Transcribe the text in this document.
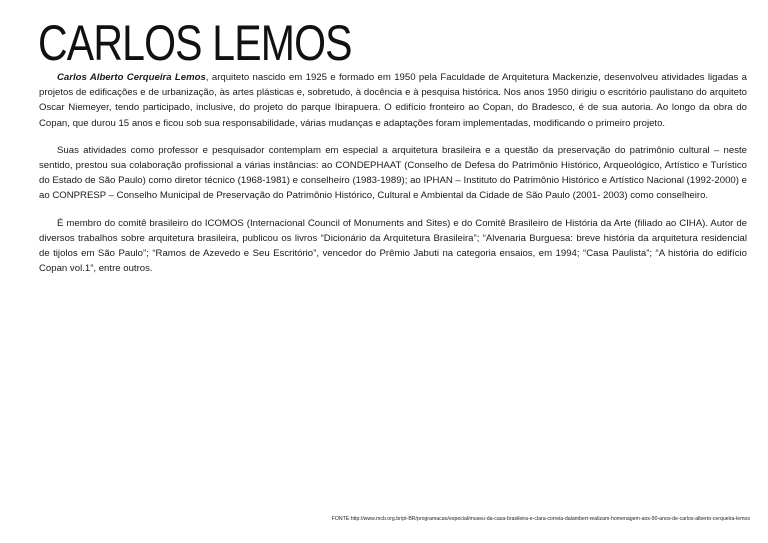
CARLOS LEMOS

Carlos Alberto Cerqueira Lemos, arquiteto nascido em 1925 e formado em 1950 pela Faculdade de Arquitetura Mackenzie, desenvolveu atividades ligadas a projetos de edificações e de urbanização, às artes plásticas e, sobretudo, à docência e à pesquisa histórica. Nos anos 1950 dirigiu o escritório paulistano do arquiteto Oscar Niemeyer, tendo participado, inclusive, do projeto do parque Ibirapuera. O edifício fronteiro ao Copan, do Bradesco, é de sua autoria. Ao longo da obra do Copan, que durou 15 anos e ficou sob sua responsabilidade, várias mudanças e adaptações foram implementadas, modificando o primeiro projeto.

Suas atividades como professor e pesquisador contemplam em especial a arquitetura brasileira e a questão da preservação do patrimônio cultural – neste sentido, prestou sua colaboração profissional a várias instâncias: ao CONDEPHAAT (Conselho de Defesa do Patrimônio Histórico, Arqueológico, Artístico e Turístico do Estado de São Paulo) como diretor técnico (1968-1981) e conselheiro (1983-1989); ao IPHAN – Instituto do Patrimônio Histórico e Artístico Nacional (1992-2000) e ao CONPRESP – Conselho Municipal de Preservação do Patrimônio Histórico, Cultural e Ambiental da Cidade de São Paulo (2001- 2003) como conselheiro.

É membro do comitê brasileiro do ICOMOS (Internacional Council of Monuments and Sites) e do Comitê Brasileiro de História da Arte (filiado ao CIHA). Autor de diversos trabalhos sobre arquitetura brasileira, publicou os livros “Dicionário da Arquitetura Brasileira”; “Alvenaria Burguesa: breve história da arquitetura residencial de tijolos em São Paulo”; “Ramos de Azevedo e Seu Escritório”, vencedor do Prêmio Jabuti na categoria ensaios, em 1994; “Casa Paulista”; “A história do edifício Copan vol.1”, entre outros.

FONTE:http://www.mcb.org.br/pt-BR/programacao/especial/museu-da-casa-brasileira-e-clara-correia-dalambert-realizam-homenagem-aos-90-anos-de-carlos-alberto-cerqueira-lemos
